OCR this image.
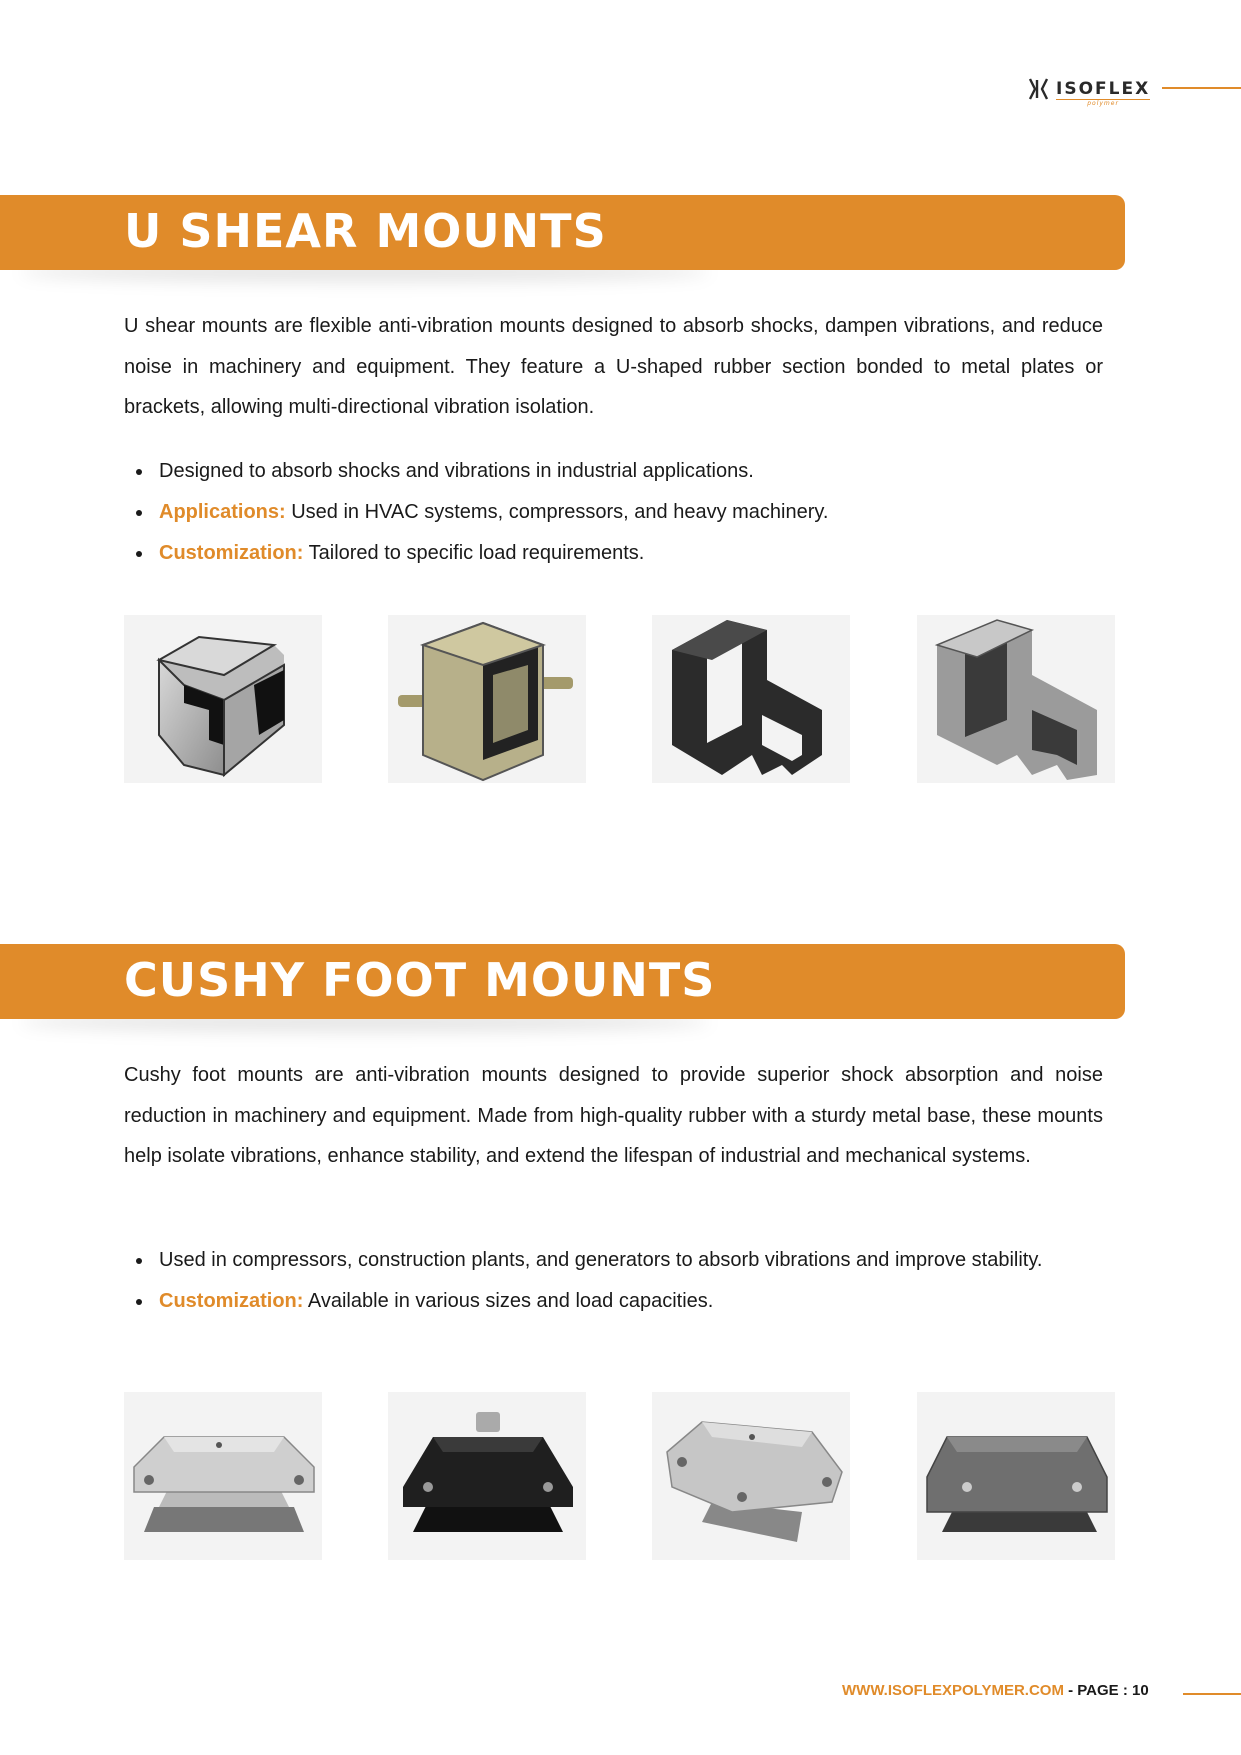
ISOFLEX
polymer
U SHEAR MOUNTS

U shear mounts are flexible anti-vibration mounts designed to absorb shocks, dampen vibrations, and reduce noise in machinery and equipment. They feature a U-shaped rubber section bonded to metal plates or brackets, allowing multi-directional vibration isolation.

Designed to absorb shocks and vibrations in industrial applications.
Applications: Used in HVAC systems, compressors, and heavy machinery.
Customization: Tailored to specific load requirements.
CUSHY FOOT MOUNTS

Cushy foot mounts are anti-vibration mounts designed to provide superior shock absorption and noise reduction in machinery and equipment. Made from high-quality rubber with a sturdy metal base, these mounts help isolate vibrations, enhance stability, and extend the lifespan of industrial and mechanical systems.

Used in compressors, construction plants, and generators to absorb vibrations and improve stability.
Customization: Available in various sizes and load capacities.
WWW.ISOFLEXPOLYMER.COM - PAGE : 10
